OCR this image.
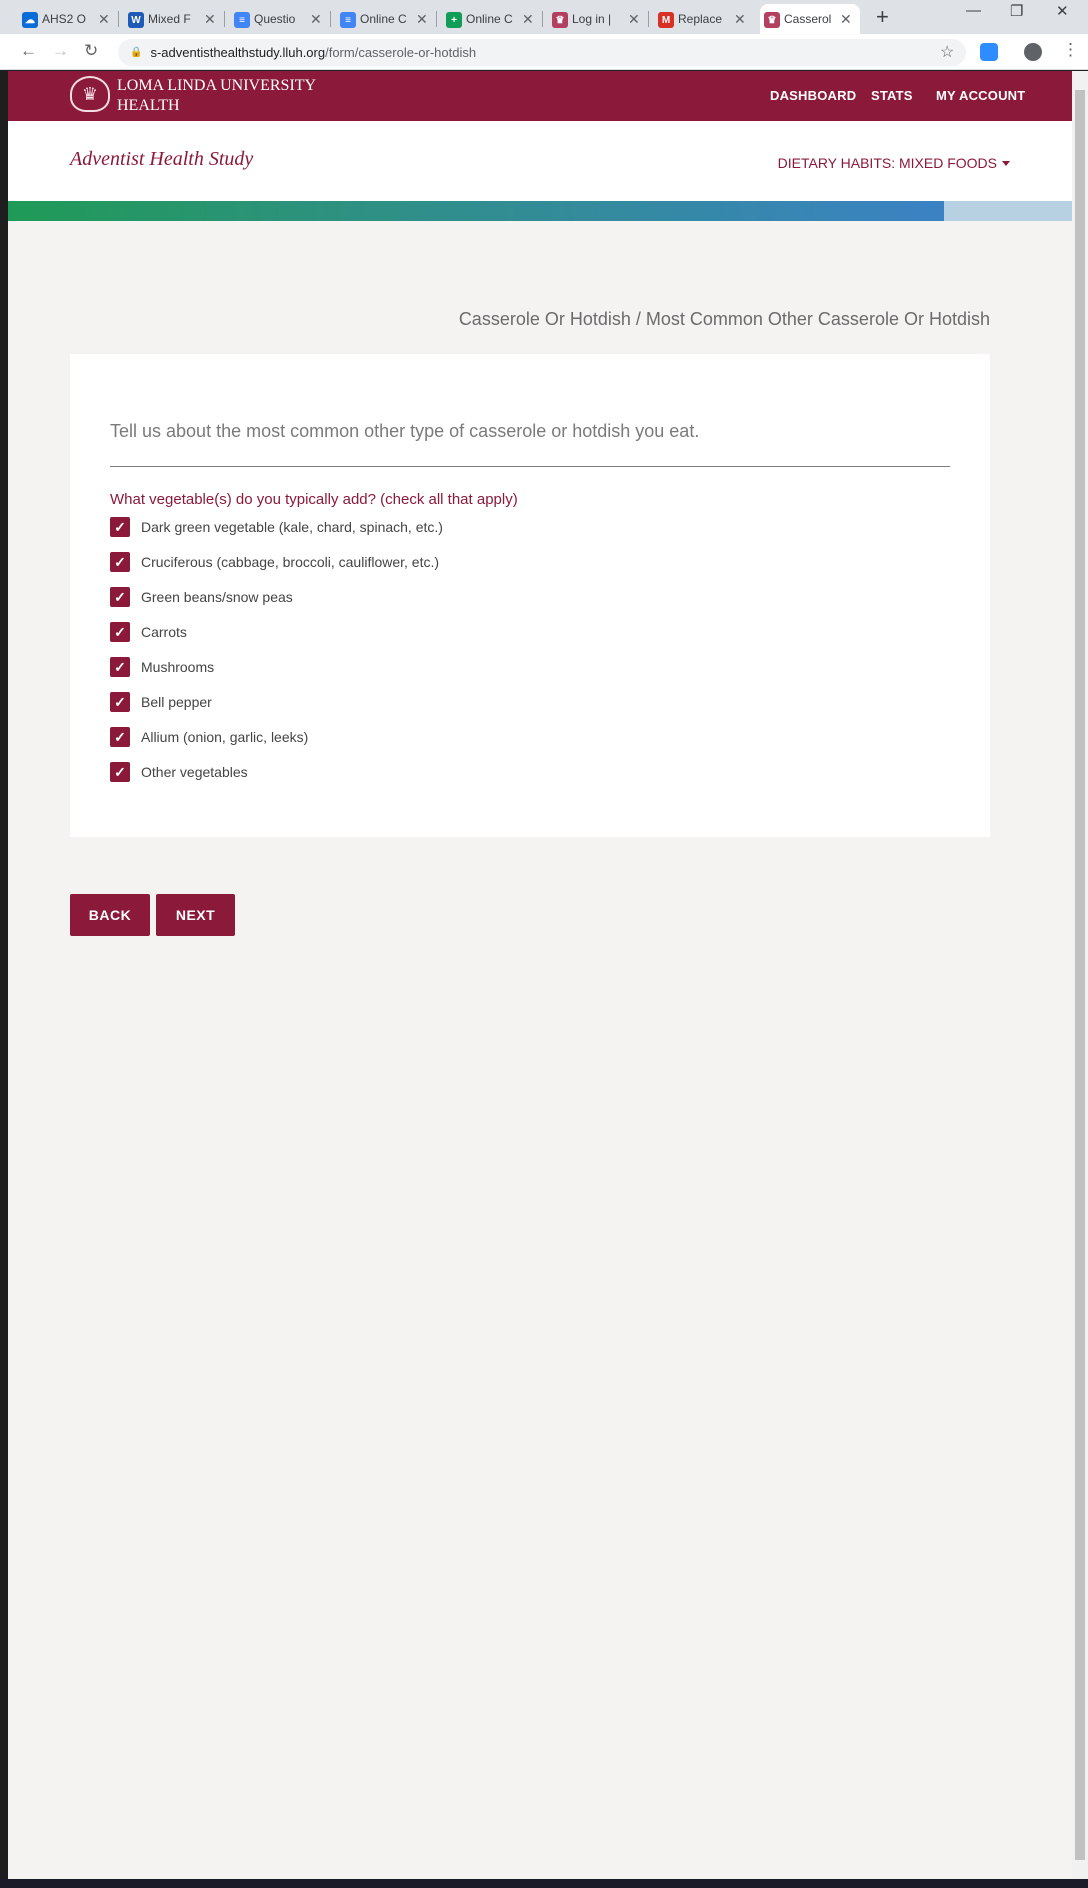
☁ AHS2 O ✕	W Mixed F ✕	≡ Questio	✕	≡ Online C ✕	+ Online C ✕	♛ Log in |	✕	M Replace ✕	♛ Casserol ✕ +	— ❐ ✕
← → ↻	🔒 s-adventisthealthstudy.lluh.org /form/casserole-or-hotdish	☆	⋮
♛	LOMA LINDA UNIVERSITY
HEALTH
DASHBOARD STATS MY ACCOUNT
Adventist Health Study	DIETARY HABITS: MIXED FOODS
Casserole Or Hotdish / Most Common Other Casserole Or Hotdish
Tell us about the most common other type of casserole or hotdish you eat.
What vegetable(s) do you typically add? (check all that apply)
✓ Dark green vegetable (kale, chard, spinach, etc.)
✓ Cruciferous (cabbage, broccoli, cauliflower, etc.)
✓ Green beans/snow peas
✓ Carrots
✓ Mushrooms
✓ Bell pepper
✓ Allium (onion, garlic, leeks)
✓ Other vegetables
BACK	NEXT
